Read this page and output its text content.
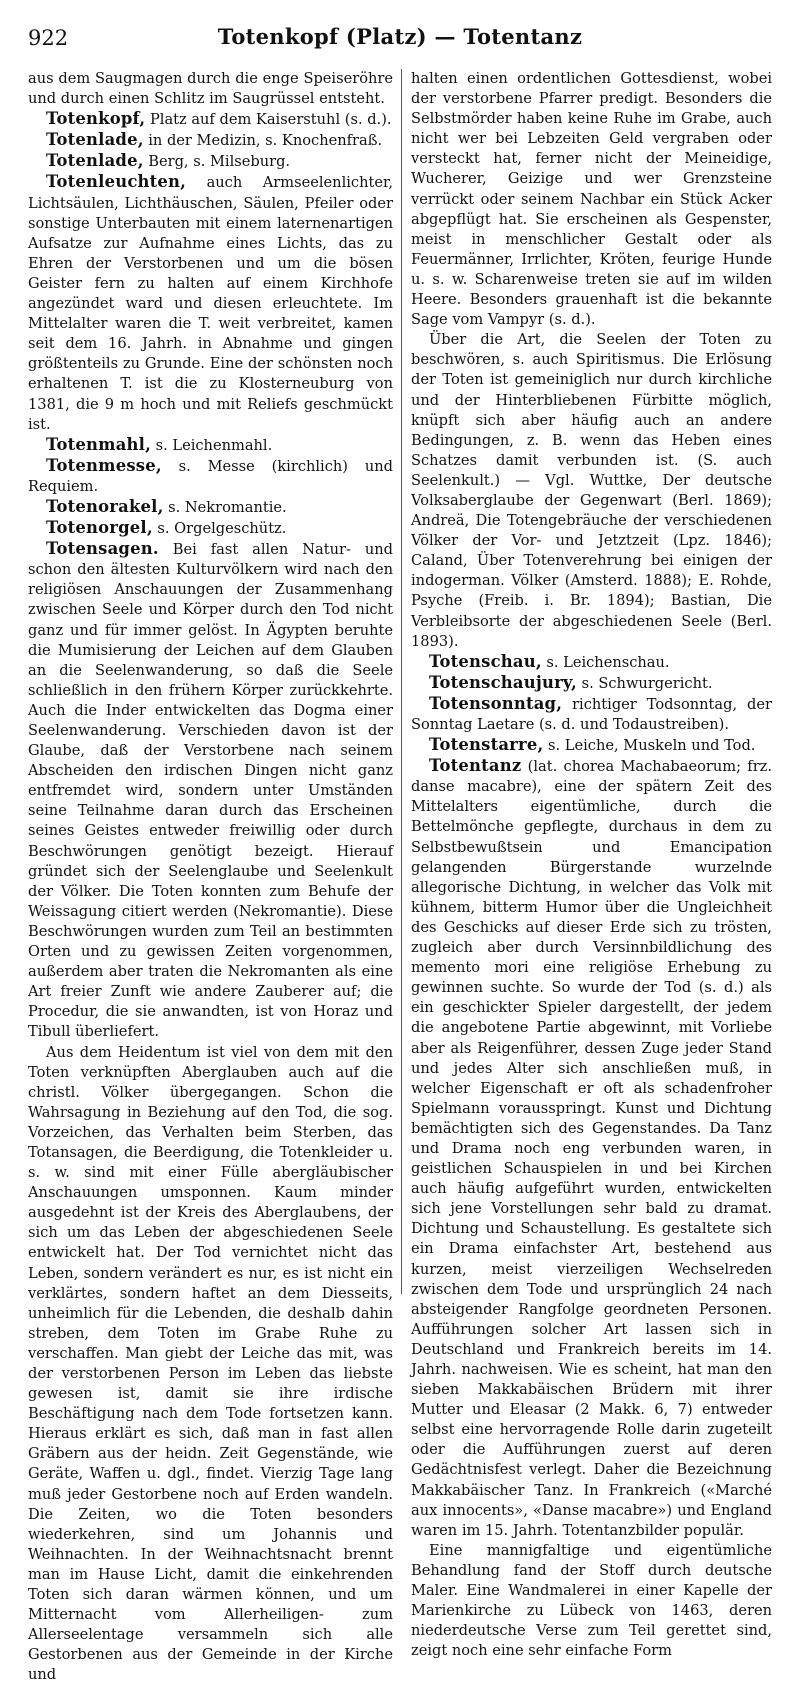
922	Totenkopf (Platz) — Totentanz

aus dem Saugmagen durch die enge Speiseröhre und durch einen Schlitz im Saugrüssel entsteht.

Totenkopf, Platz auf dem Kaiserstuhl (s. d.).

Totenlade, in der Medizin, s. Knochenfraß.

Totenlade, Berg, s. Milseburg.

Totenleuchten, auch Armseelenlichter, Lichtsäulen, Lichthäuschen, Säulen, Pfeiler oder sonstige Unterbauten mit einem laternenartigen Aufsatze zur Aufnahme eines Lichts, das zu Ehren der Verstorbenen und um die bösen Geister fern zu halten auf einem Kirchhofe angezündet ward und diesen erleuchtete. Im Mittelalter waren die T. weit verbreitet, kamen seit dem 16. Jahrh. in Abnahme und gingen größtenteils zu Grunde. Eine der schönsten noch erhaltenen T. ist die zu Klosterneuburg von 1381, die 9 m hoch und mit Reliefs geschmückt ist.

Totenmahl, s. Leichenmahl.

Totenmesse, s. Messe (kirchlich) und Requiem.

Totenorakel, s. Nekromantie.

Totenorgel, s. Orgelgeschütz.

Totensagen. Bei fast allen Natur- und schon den ältesten Kulturvölkern wird nach den religiösen Anschauungen der Zusammenhang zwischen Seele und Körper durch den Tod nicht ganz und für immer gelöst. In Ägypten beruhte die Mumisierung der Leichen auf dem Glauben an die Seelenwanderung, so daß die Seele schließlich in den frühern Körper zurückkehrte. Auch die Inder entwickelten das Dogma einer Seelenwanderung. Verschieden davon ist der Glaube, daß der Verstorbene nach seinem Abscheiden den irdischen Dingen nicht ganz entfremdet wird, sondern unter Umständen seine Teilnahme daran durch das Erscheinen seines Geistes entweder freiwillig oder durch Beschwörungen genötigt bezeigt. Hierauf gründet sich der Seelenglaube und Seelenkult der Völker. Die Toten konnten zum Behufe der Weissagung citiert werden (Nekromantie). Diese Beschwörungen wurden zum Teil an bestimmten Orten und zu gewissen Zeiten vorgenommen, außerdem aber traten die Nekromanten als eine Art freier Zunft wie andere Zauberer auf; die Procedur, die sie anwandten, ist von Horaz und Tibull überliefert.

Aus dem Heidentum ist viel von dem mit den Toten verknüpften Aberglauben auch auf die christl. Völker übergegangen. Schon die Wahrsagung in Beziehung auf den Tod, die sog. Vorzeichen, das Verhalten beim Sterben, das Totansagen, die Beerdigung, die Totenkleider u. s. w. sind mit einer Fülle abergläubischer Anschauungen umsponnen. Kaum minder ausgedehnt ist der Kreis des Aberglaubens, der sich um das Leben der abgeschiedenen Seele entwickelt hat. Der Tod vernichtet nicht das Leben, sondern verändert es nur, es ist nicht ein verklärtes, sondern haftet an dem Diesseits, unheimlich für die Lebenden, die deshalb dahin streben, dem Toten im Grabe Ruhe zu verschaffen. Man giebt der Leiche das mit, was der verstorbenen Person im Leben das liebste gewesen ist, damit sie ihre irdische Beschäftigung nach dem Tode fortsetzen kann. Hieraus erklärt es sich, daß man in fast allen Gräbern aus der heidn. Zeit Gegenstände, wie Geräte, Waffen u. dgl., findet. Vierzig Tage lang muß jeder Gestorbene noch auf Erden wandeln. Die Zeiten, wo die Toten besonders wiederkehren, sind um Johannis und Weihnachten. In der Weihnachtsnacht brennt man im Hause Licht, damit die einkehrenden Toten sich daran wärmen können, und um Mitternacht vom Allerheiligen- zum Allerseelentage versammeln sich alle Gestorbenen aus der Gemeinde in der Kirche und

halten einen ordentlichen Gottesdienst, wobei der verstorbene Pfarrer predigt. Besonders die Selbstmörder haben keine Ruhe im Grabe, auch nicht wer bei Lebzeiten Geld vergraben oder versteckt hat, ferner nicht der Meineidige, Wucherer, Geizige und wer Grenzsteine verrückt oder seinem Nachbar ein Stück Acker abgepflügt hat. Sie erscheinen als Gespenster, meist in menschlicher Gestalt oder als Feuermänner, Irrlichter, Kröten, feurige Hunde u. s. w. Scharenweise treten sie auf im wilden Heere. Besonders grauenhaft ist die bekannte Sage vom Vampyr (s. d.).

Über die Art, die Seelen der Toten zu beschwören, s. auch Spiritismus. Die Erlösung der Toten ist gemeiniglich nur durch kirchliche und der Hinterbliebenen Fürbitte möglich, knüpft sich aber häufig auch an andere Bedingungen, z. B. wenn das Heben eines Schatzes damit verbunden ist. (S. auch Seelenkult.) — Vgl. Wuttke, Der deutsche Volksaberglaube der Gegenwart (Berl. 1869); Andreä, Die Totengebräuche der verschiedenen Völker der Vor- und Jetztzeit (Lpz. 1846); Caland, Über Totenverehrung bei einigen der indogerman. Völker (Amsterd. 1888); E. Rohde, Psyche (Freib. i. Br. 1894); Bastian, Die Verbleibsorte der abgeschiedenen Seele (Berl. 1893).

Totenschau, s. Leichenschau.

Totenschaujury, s. Schwurgericht.

Totensonntag, richtiger Todsonntag, der Sonntag Laetare (s. d. und Todaustreiben).

Totenstarre, s. Leiche, Muskeln und Tod.

Totentanz (lat. chorea Machabaeorum; frz. danse macabre), eine der spätern Zeit des Mittelalters eigentümliche, durch die Bettelmönche gepflegte, durchaus in dem zu Selbstbewußtsein und Emancipation gelangenden Bürgerstande wurzelnde allegorische Dichtung, in welcher das Volk mit kühnem, bitterm Humor über die Ungleichheit des Geschicks auf dieser Erde sich zu trösten, zugleich aber durch Versinnbildlichung des memento mori eine religiöse Erhebung zu gewinnen suchte. So wurde der Tod (s. d.) als ein geschickter Spieler dargestellt, der jedem die angebotene Partie abgewinnt, mit Vorliebe aber als Reigenführer, dessen Zuge jeder Stand und jedes Alter sich anschließen muß, in welcher Eigenschaft er oft als schadenfroher Spielmann vorausspringt. Kunst und Dichtung bemächtigten sich des Gegenstandes. Da Tanz und Drama noch eng verbunden waren, in geistlichen Schauspielen in und bei Kirchen auch häufig aufgeführt wurden, entwickelten sich jene Vorstellungen sehr bald zu dramat. Dichtung und Schaustellung. Es gestaltete sich ein Drama einfachster Art, bestehend aus kurzen, meist vierzeiligen Wechselreden zwischen dem Tode und ursprünglich 24 nach absteigender Rangfolge geordneten Personen. Aufführungen solcher Art lassen sich in Deutschland und Frankreich bereits im 14. Jahrh. nachweisen. Wie es scheint, hat man den sieben Makkabäischen Brüdern mit ihrer Mutter und Eleasar (2 Makk. 6, 7) entweder selbst eine hervorragende Rolle darin zugeteilt oder die Aufführungen zuerst auf deren Gedächtnisfest verlegt. Daher die Bezeichnung Makkabäischer Tanz. In Frankreich («Marché aux innocents», «Danse macabre») und England waren im 15. Jahrh. Totentanzbilder populär.

Eine mannigfaltige und eigentümliche Behandlung fand der Stoff durch deutsche Maler. Eine Wandmalerei in einer Kapelle der Marienkirche zu Lübeck von 1463, deren niederdeutsche Verse zum Teil gerettet sind, zeigt noch eine sehr einfache Form
